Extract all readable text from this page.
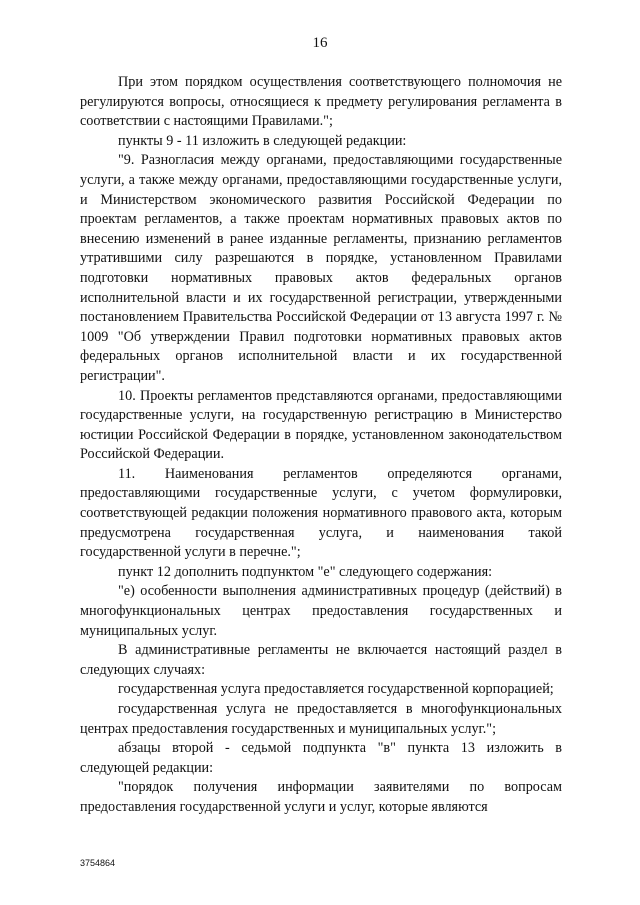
16

При этом порядком осуществления соответствующего полномочия не регулируются вопросы, относящиеся к предмету регулирования регламента в соответствии с настоящими Правилами.";

пункты 9 - 11 изложить в следующей редакции:

"9. Разногласия между органами, предоставляющими государственные услуги, а также между органами, предоставляющими государственные услуги, и Министерством экономического развития Российской Федерации по проектам регламентов, а также проектам нормативных правовых актов по внесению изменений в ранее изданные регламенты, признанию регламентов утратившими силу разрешаются в порядке, установленном Правилами подготовки нормативных правовых актов федеральных органов исполнительной власти и их государственной регистрации, утвержденными постановлением Правительства Российской Федерации от 13 августа 1997 г. № 1009 "Об утверждении Правил подготовки нормативных правовых актов федеральных органов исполнительной власти и их государственной регистрации".

10. Проекты регламентов представляются органами, предоставляющими государственные услуги, на государственную регистрацию в Министерство юстиции Российской Федерации в порядке, установленном законодательством Российской Федерации.

11. Наименования регламентов определяются органами, предоставляющими государственные услуги, с учетом формулировки, соответствующей редакции положения нормативного правового акта, которым предусмотрена государственная услуга, и наименования такой государственной услуги в перечне.";

пункт 12 дополнить подпунктом "е" следующего содержания:

"е) особенности выполнения административных процедур (действий) в многофункциональных центрах предоставления государственных и муниципальных услуг.

В административные регламенты не включается настоящий раздел в следующих случаях:

государственная услуга предоставляется государственной корпорацией;

государственная услуга не предоставляется в многофункциональных центрах предоставления государственных и муниципальных услуг.";

абзацы второй - седьмой подпункта "в" пункта 13 изложить в следующей редакции:

"порядок получения информации заявителями по вопросам предоставления государственной услуги и услуг, которые являются

3754864
